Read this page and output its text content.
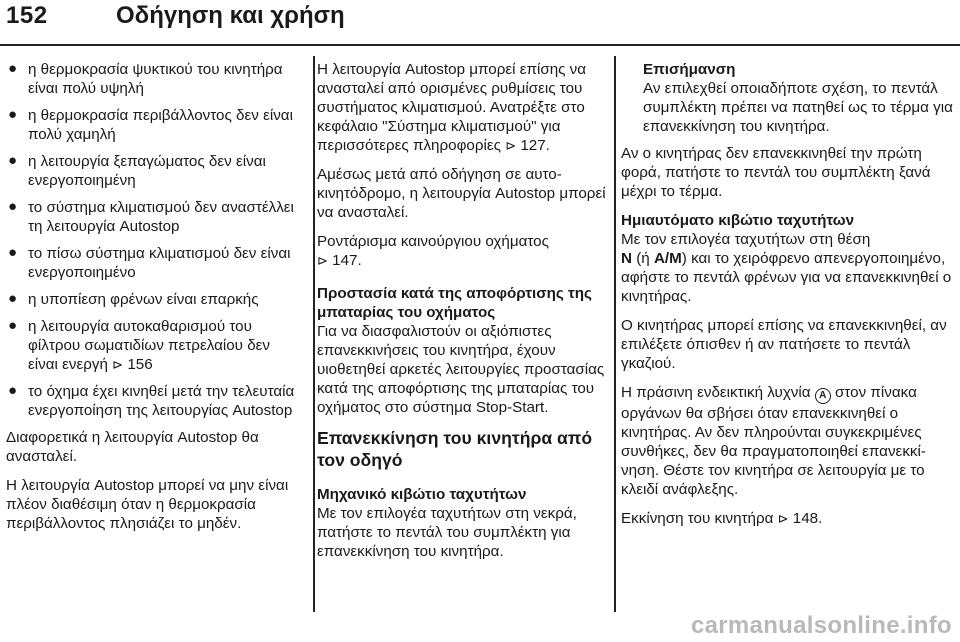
152	Οδήγηση και χρήση
● η θερμοκρασία ψυκτικού του κινητήρα είναι πολύ υψηλή
● η θερμοκρασία περιβάλλοντος δεν είναι πολύ χαμηλή
● η λειτουργία ξεπαγώματος δεν είναι ενεργοποιημένη
● το σύστημα κλιματισμού δεν αναστέλλει τη λειτουργία Autostop
● το πίσω σύστημα κλιματισμού δεν είναι ενεργοποιημένο
● η υποπίεση φρένων είναι επαρκής
● η λειτουργία αυτοκαθαρισμού του φίλτρου σωματιδίων πετρελαίου δεν είναι ενεργή ⊳ 156
● το όχημα έχει κινηθεί μετά την τελευταία ενεργοποίηση της λειτουργίας Autostop

Διαφορετικά η λειτουργία Autostop θα ανασταλεί.

Η λειτουργία Autostop μπορεί να μην είναι πλέον διαθέσιμη όταν η θερμοκρασία περιβάλλοντος πλησιάζει το μηδέν.

Η λειτουργία Autostop μπορεί επίσης να ανασταλεί από ορισμένες ρυθμίσεις του συστήματος κλιματισμού. Ανατρέξτε στο κεφάλαιο "Σύστημα κλιματισμού" για περισσότερες πληροφορίες ⊳ 127.

Αμέσως μετά από οδήγηση σε αυτοκινητόδρομο, η λειτουργία Autostop μπορεί να ανασταλεί.

Ροντάρισμα καινούργιου οχήματος
⊳ 147.

Προστασία κατά της αποφόρτισης της μπαταρίας του οχήματος

Για να διασφαλιστούν οι αξιόπιστες επανεκκινήσεις του κινητήρα, έχουν υιοθετηθεί αρκετές λειτουργίες προστασίας κατά της αποφόρτισης της μπαταρίας του οχήματος στο σύστημα Stop-Start.

Επανεκκίνηση του κινητήρα από τον οδηγό

Μηχανικό κιβώτιο ταχυτήτων

Με τον επιλογέα ταχυτήτων στη νεκρά, πατήστε το πεντάλ του συμπλέκτη για επανεκκίνηση του κινητήρα.

Επισήμανση
Αν επιλεχθεί οποιαδήποτε σχέση, το πεντάλ συμπλέκτη πρέπει να πατηθεί ως το τέρμα για επανεκκίνηση του κινητήρα.

Αν ο κινητήρας δεν επανεκκινηθεί την πρώτη φορά, πατήστε το πεντάλ του συμπλέκτη ξανά μέχρι το τέρμα.

Ημιαυτόματο κιβώτιο ταχυτήτων

Με τον επιλογέα ταχυτήτων στη θέση
N (ή A/M) και το χειρόφρενο απενεργοποιημένο, αφήστε το πεντάλ φρένων για να επανεκκινηθεί ο κινητήρας.

Ο κινητήρας μπορεί επίσης να επανεκκινηθεί, αν επιλέξετε όπισθεν ή αν πατήσετε το πεντάλ γκαζιού.

Η πράσινη ενδεικτική λυχνία A στον πίνακα οργάνων θα σβήσει όταν επανεκκινηθεί ο κινητήρας. Αν δεν πληρούνται συγκεκριμένες συνθήκες, δεν θα πραγματοποιηθεί επανεκκίνηση. Θέστε τον κινητήρα σε λειτουργία με το κλειδί ανάφλεξης.

Εκκίνηση του κινητήρα ⊳ 148.

carmanualsonline.info
